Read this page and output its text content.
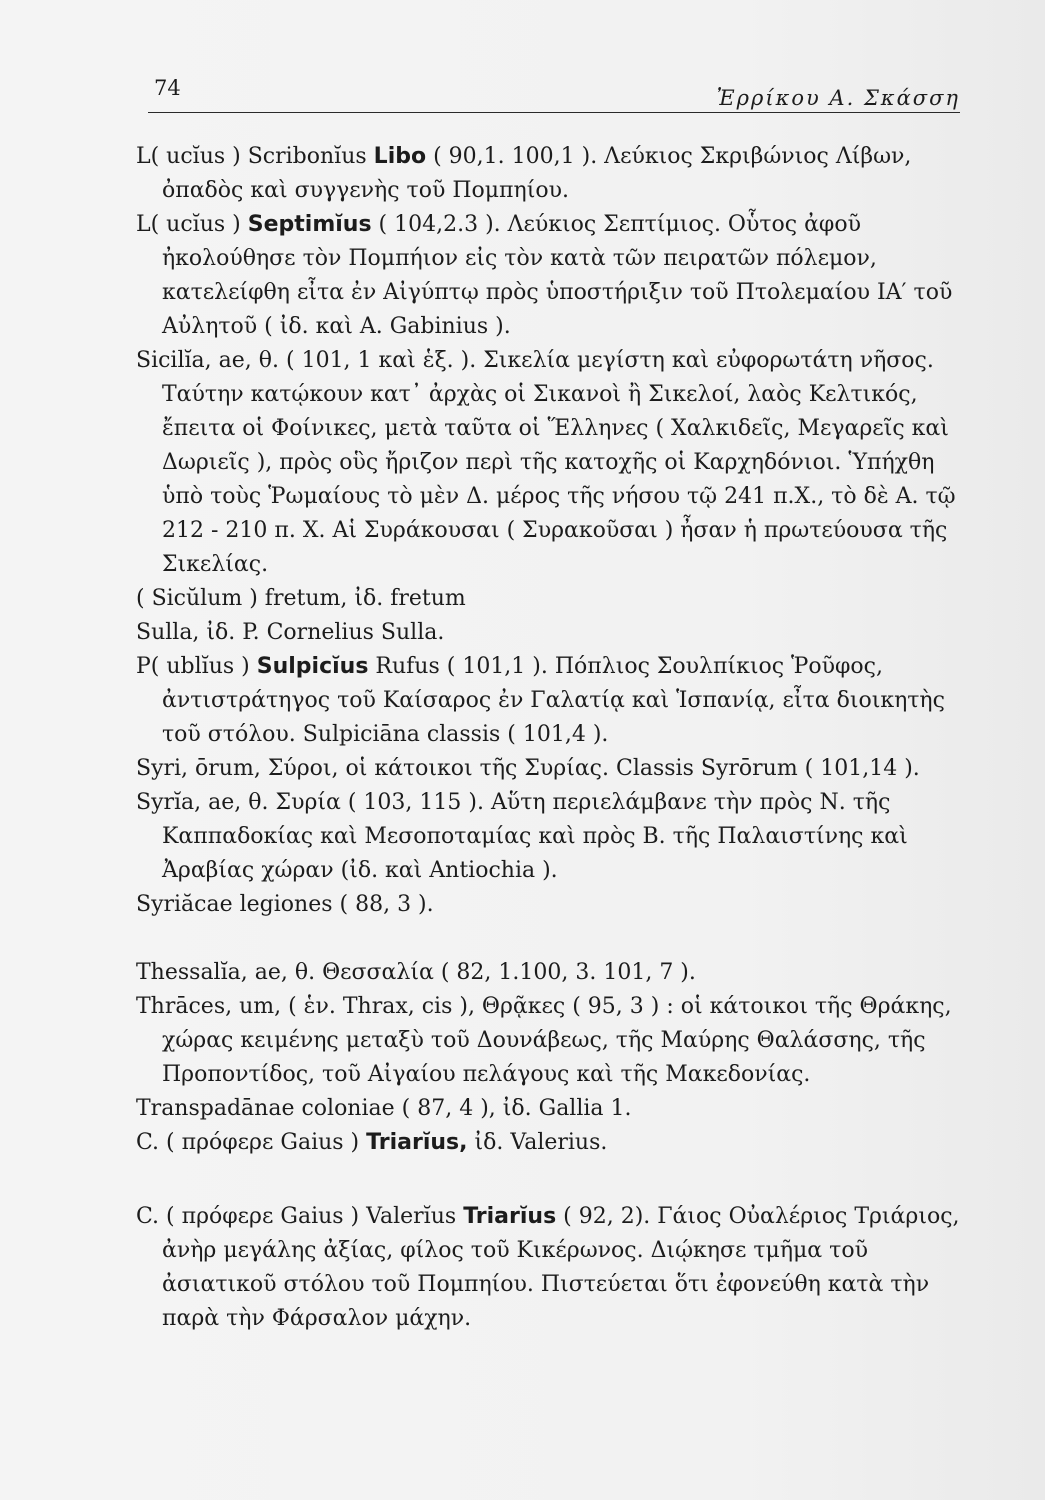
74	Ἐρρίκου Α. Σκάσση

L( ucĭus ) Scribonĭus Libo ( 90,1. 100,1 ). Λεύκιος Σκριβώνιος Λίβων, ὀπαδὸς καὶ συγγενὴς τοῦ Πομπηίου.

L( ucĭus ) Septimĭus ( 104,2.3 ). Λεύκιος Σεπτίμιος. Οὗτος ἀφοῦ ἠκολούθησε τὸν Πομπήιον εἰς τὸν κατὰ τῶν πειρατῶν πόλεμον, κατελείφθη εἶτα ἐν Αἰγύπτῳ πρὸς ὑποστήριξιν τοῦ Πτολεμαίου ΙΑ′ τοῦ Αὐλητοῦ ( ἰδ. καὶ A. Gabinius ).

Sicilĭa, ae, θ. ( 101, 1 καὶ ἑξ. ). Σικελία μεγίστη καὶ εὐφορωτάτη νῆσος. Ταύτην κατῴκουν κατ᾽ ἀρχὰς οἱ Σικανοὶ ἢ Σικελοί, λαὸς Κελτικός, ἔπειτα οἱ Φοίνικες, μετὰ ταῦτα οἱ Ἕλληνες ( Χαλκιδεῖς, Μεγαρεῖς καὶ Δωριεῖς ), πρὸς οὓς ἤριζον περὶ τῆς κατοχῆς οἱ Καρχηδόνιοι. Ὑπήχθη ὑπὸ τοὺς Ῥωμαίους τὸ μὲν Δ. μέρος τῆς νήσου τῷ 241 π.Χ., τὸ δὲ Α. τῷ 212 - 210 π. Χ. Αἱ Συράκουσαι ( Συρακοῦσαι ) ἦσαν ἡ πρωτεύουσα τῆς Σικελίας.

( Sicŭlum ) fretum, ἰδ. fretum

Sulla, ἰδ. P. Cornelius Sulla.

P( ublĭus ) Sulpicĭus Rufus ( 101,1 ). Πόπλιος Σουλπίκιος Ῥοῦφος, ἀντιστράτηγος τοῦ Καίσαρος ἐν Γαλατίᾳ καὶ Ἱσπανίᾳ, εἶτα διοικητὴς τοῦ στόλου. Sulpiciāna classis ( 101,4 ).

Syri, ōrum, Σύροι, οἱ κάτοικοι τῆς Συρίας. Classis Syrōrum ( 101,14 ).

Syrĭa, ae, θ. Συρία ( 103, 115 ). Αὕτη περιελάμβανε τὴν πρὸς Ν. τῆς Καππαδοκίας καὶ Μεσοποταμίας καὶ πρὸς Β. τῆς Παλαιστίνης καὶ Ἀραβίας χώραν (ἰδ. καὶ Antiochia ).

Syriăcae legiones ( 88, 3 ).

Thessalĭa, ae, θ. Θεσσαλία ( 82, 1.100, 3. 101, 7 ).

Thrāces, um, ( ἑν. Thrax, cis ), Θρᾷκες ( 95, 3 ) : οἱ κάτοικοι τῆς Θράκης, χώρας κειμένης μεταξὺ τοῦ Δουνάβεως, τῆς Μαύρης Θαλάσσης, τῆς Προποντίδος, τοῦ Αἰγαίου πελάγους καὶ τῆς Μακεδονίας.

Transpadānae coloniae ( 87, 4 ), ἰδ. Gallia 1.

C. ( πρόφερε Gaius ) Triarĭus, ἰδ. Valerius.

C. ( πρόφερε Gaius ) Valerĭus Triarĭus ( 92, 2). Γάιος Οὐαλέριος Τριάριος, ἀνὴρ μεγάλης ἀξίας, φίλος τοῦ Κικέρωνος. Διῴκησε τμῆμα τοῦ ἀσιατικοῦ στόλου τοῦ Πομπηίου. Πιστεύεται ὅτι ἐφονεύθη κατὰ τὴν παρὰ τὴν Φάρσαλον μάχην.
